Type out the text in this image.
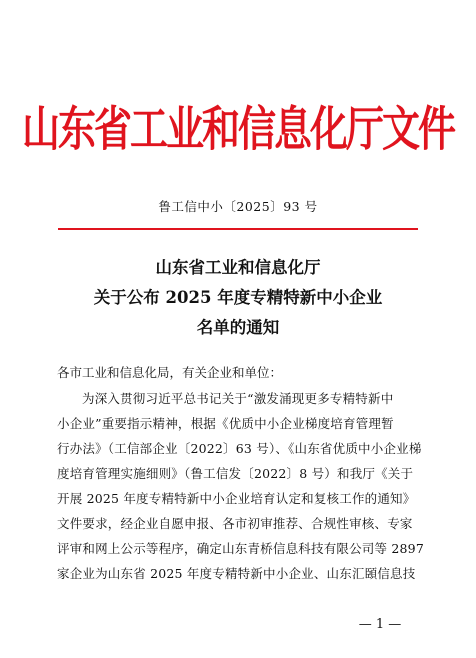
山东省工业和信息化厅文件
鲁工信中小〔2025〕93 号
山东省工业和信息化厅
关于公布 2025 年度专精特新中小企业
名单的通知
各市工业和信息化局，有关企业和单位：
为深入贯彻习近平总书记关于“激发涌现更多专精特新中
小企业”重要指示精神，根据《优质中小企业梯度培育管理暂
行办法》（工信部企业〔2022〕63 号）、《山东省优质中小企业梯
度培育管理实施细则》（鲁工信发〔2022〕8 号）和我厅《关于
开展 2025 年度专精特新中小企业培育认定和复核工作的通知》
文件要求，经企业自愿申报、各市初审推荐、合规性审核、专家
评审和网上公示等程序，确定山东青桥信息科技有限公司等 2897
家企业为山东省 2025 年度专精特新中小企业、山东汇頣信息技
— 1 —
